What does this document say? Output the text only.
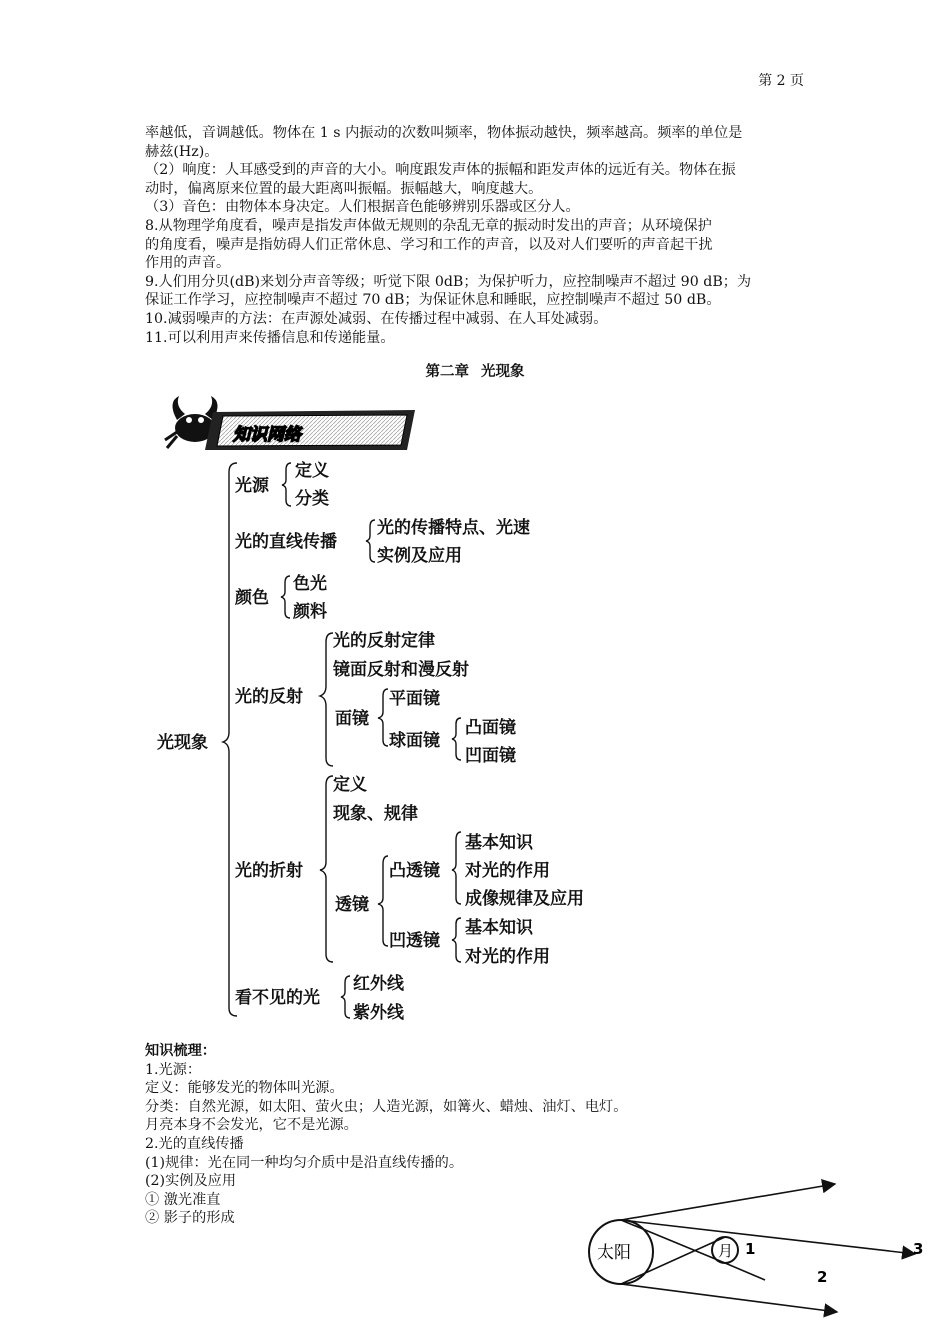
第 2 页

率越低，音调越低。物体在 1 s 内振动的次数叫频率，物体振动越快，频率越高。频率的单位是

赫兹(Hz)。

（2）响度：人耳感受到的声音的大小。响度跟发声体的振幅和距发声体的远近有关。物体在振

动时，偏离原来位置的最大距离叫振幅。振幅越大，响度越大。

（3）音色：由物体本身决定。人们根据音色能够辨别乐器或区分人。

8.从物理学角度看，噪声是指发声体做无规则的杂乱无章的振动时发出的声音；从环境保护

的角度看，噪声是指妨碍人们正常休息、学习和工作的声音，以及对人们要听的声音起干扰

作用的声音。

9.人们用分贝(dB)来划分声音等级；听觉下限 0dB；为保护听力，应控制噪声不超过 90 dB；为

保证工作学习，应控制噪声不超过 70 dB；为保证休息和睡眠，应控制噪声不超过 50 dB。

10.减弱噪声的方法：在声源处减弱、在传播过程中减弱、在人耳处减弱。

11.可以利用声来传播信息和传递能量。

第二章 光现象
知识网络
光现象
光源
定义
分类
光的直线传播
光的传播特点、光速
实例及应用
颜色
色光
颜料
光的反射
光的反射定律
镜面反射和漫反射
面镜
平面镜
球面镜
凸面镜
凹面镜
光的折射
定义
现象、规律
透镜
凸透镜
基本知识
对光的作用
成像规律及应用
凹透镜
基本知识
对光的作用
看不见的光
红外线
紫外线

知识梳理：

1.光源：

定义：能够发光的物体叫光源。

分类：自然光源，如太阳、萤火虫；人造光源，如篝火、蜡烛、油灯、电灯。

月亮本身不会发光，它不是光源。

2.光的直线传播

(1)规律：光在同一种均匀介质中是沿直线传播的。

(2)实例及应用

① 激光准直

② 影子的形成

太阳	月 1
2
3
